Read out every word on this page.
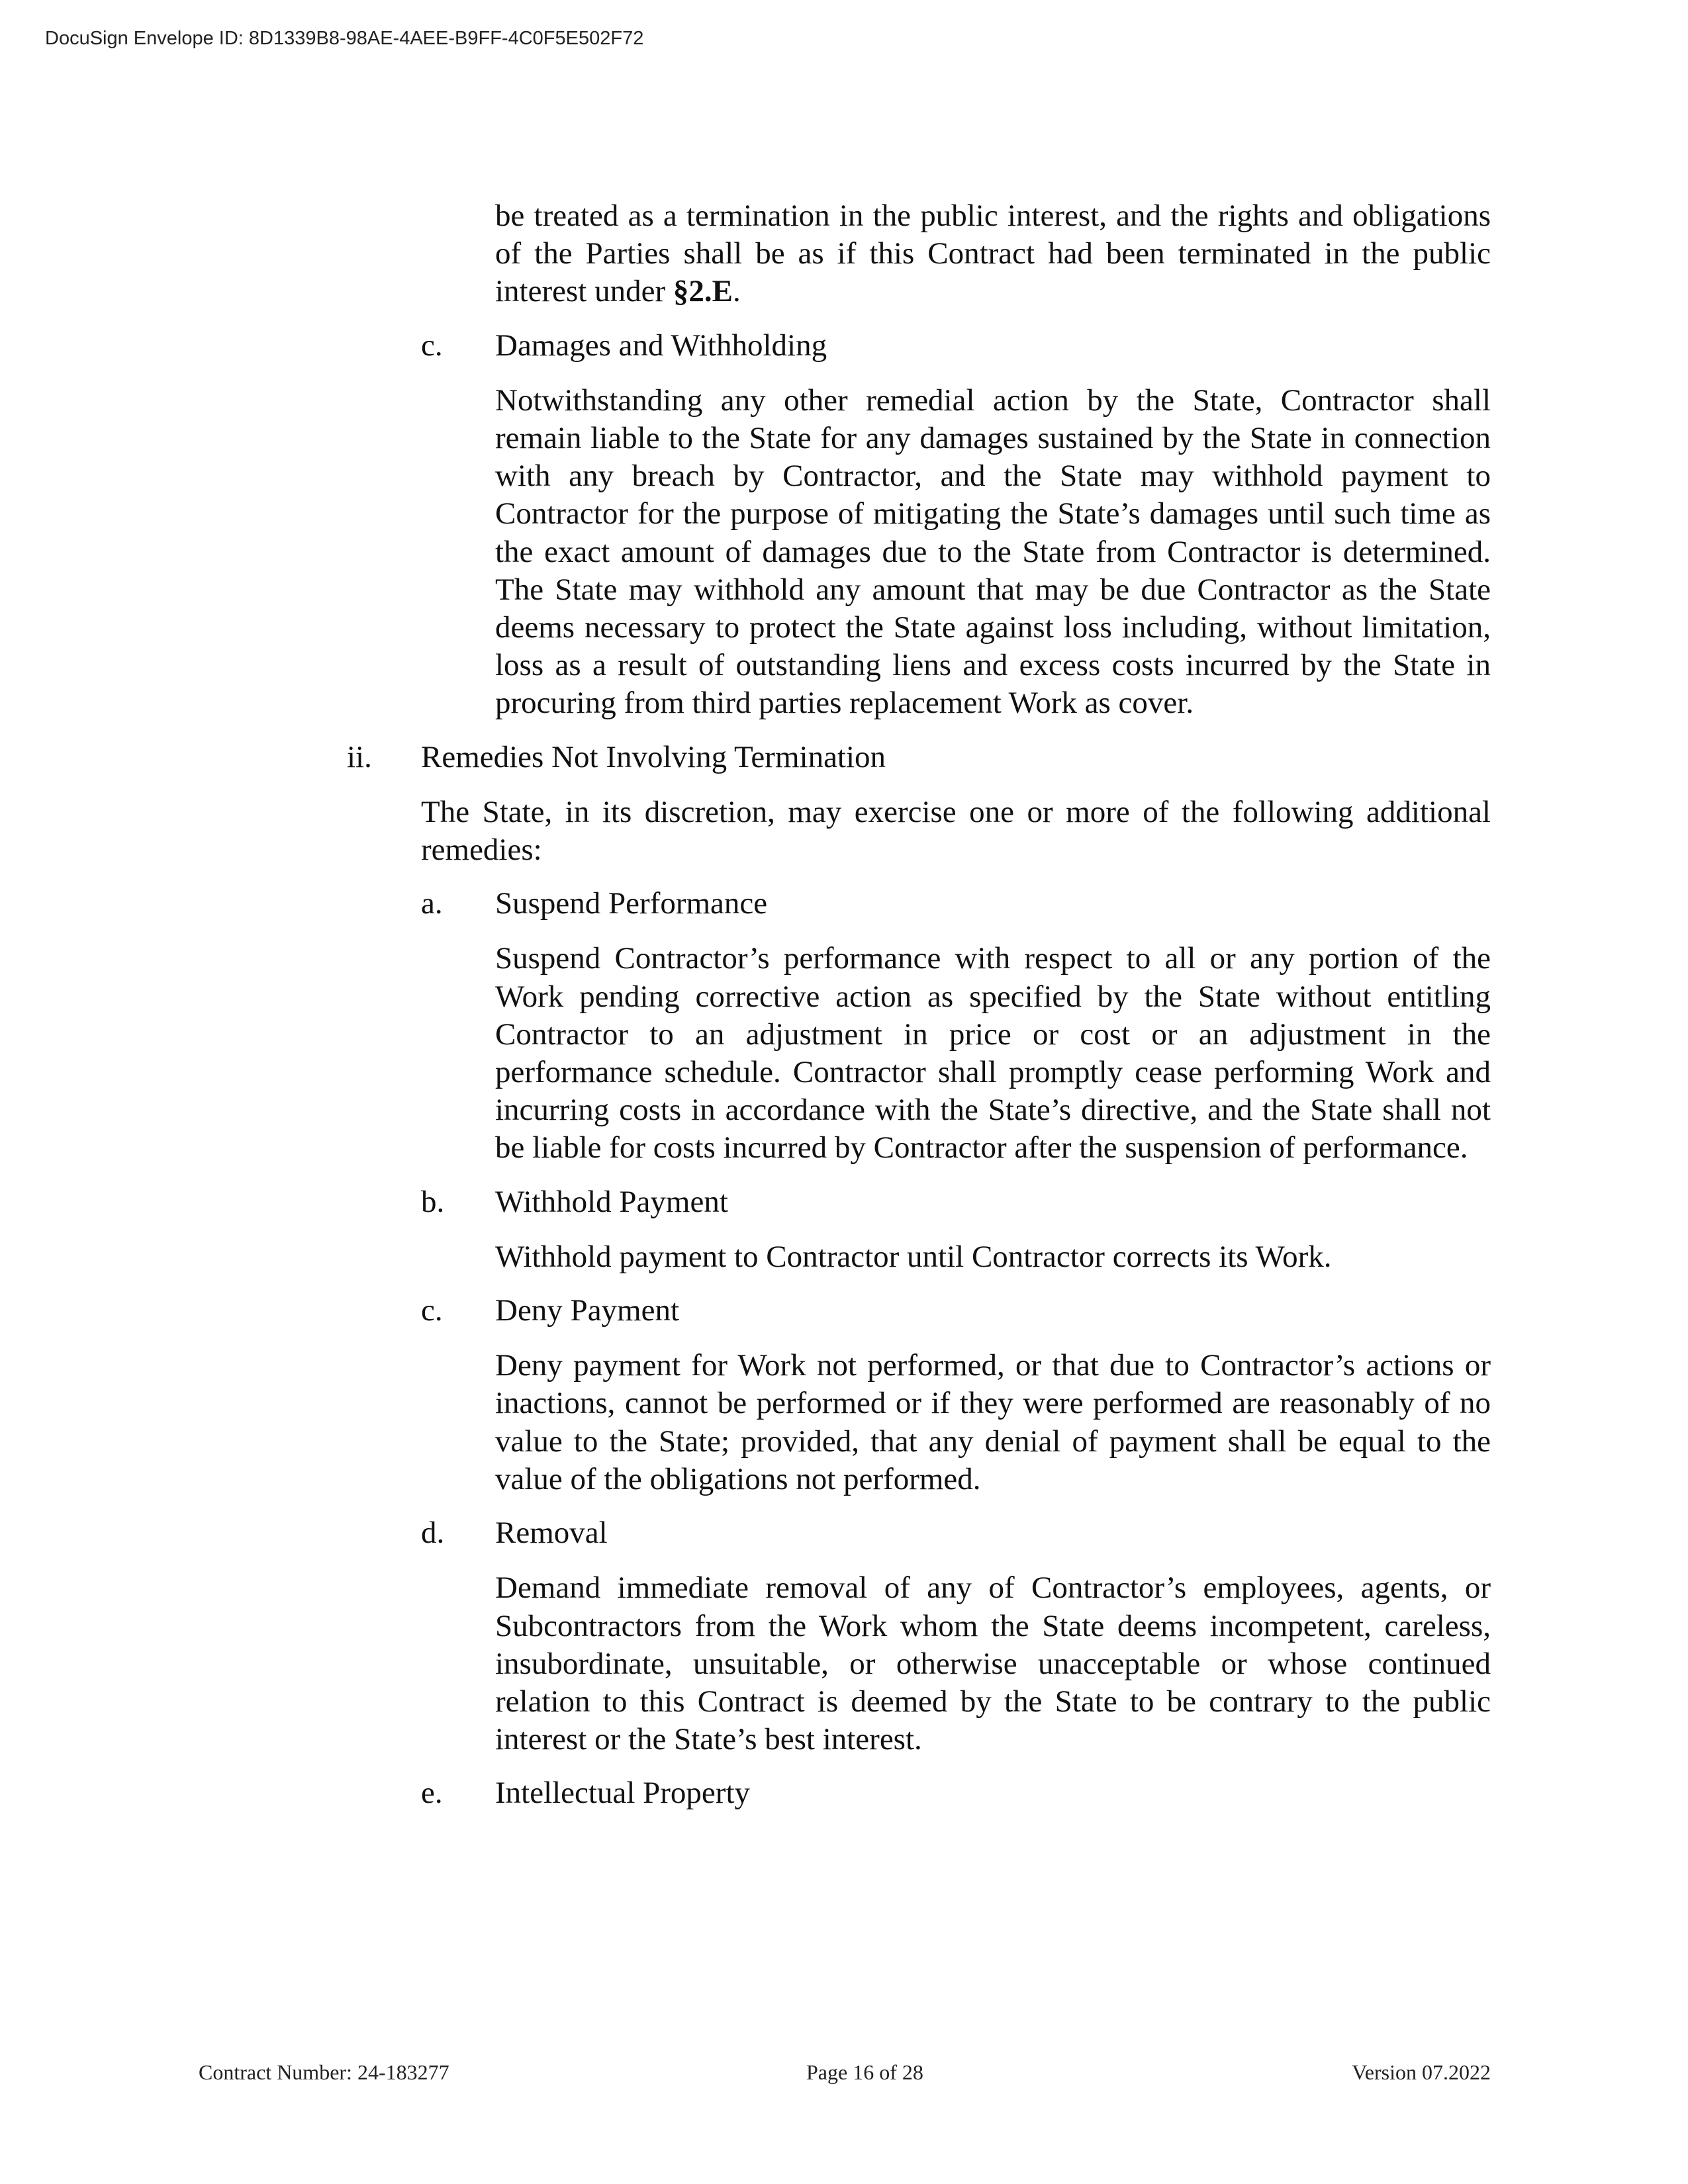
DocuSign Envelope ID: 8D1339B8-98AE-4AEE-B9FF-4C0F5E502F72
be treated as a termination in the public interest, and the rights and obligations of the Parties shall be as if this Contract had been terminated in the public interest under §2.E.
c. Damages and Withholding
Notwithstanding any other remedial action by the State, Contractor shall remain liable to the State for any damages sustained by the State in connection with any breach by Contractor, and the State may withhold payment to Contractor for the purpose of mitigating the State’s damages until such time as the exact amount of damages due to the State from Contractor is determined. The State may withhold any amount that may be due Contractor as the State deems necessary to protect the State against loss including, without limitation, loss as a result of outstanding liens and excess costs incurred by the State in procuring from third parties replacement Work as cover.
ii. Remedies Not Involving Termination
The State, in its discretion, may exercise one or more of the following additional remedies:
a. Suspend Performance
Suspend Contractor’s performance with respect to all or any portion of the Work pending corrective action as specified by the State without entitling Contractor to an adjustment in price or cost or an adjustment in the performance schedule. Contractor shall promptly cease performing Work and incurring costs in accordance with the State’s directive, and the State shall not be liable for costs incurred by Contractor after the suspension of performance.
b. Withhold Payment
Withhold payment to Contractor until Contractor corrects its Work.
c. Deny Payment
Deny payment for Work not performed, or that due to Contractor’s actions or inactions, cannot be performed or if they were performed are reasonably of no value to the State; provided, that any denial of payment shall be equal to the value of the obligations not performed.
d. Removal
Demand immediate removal of any of Contractor’s employees, agents, or Subcontractors from the Work whom the State deems incompetent, careless, insubordinate, unsuitable, or otherwise unacceptable or whose continued relation to this Contract is deemed by the State to be contrary to the public interest or the State’s best interest.
e. Intellectual Property
Contract Number: 24-183277	Page 16 of 28	Version 07.2022
